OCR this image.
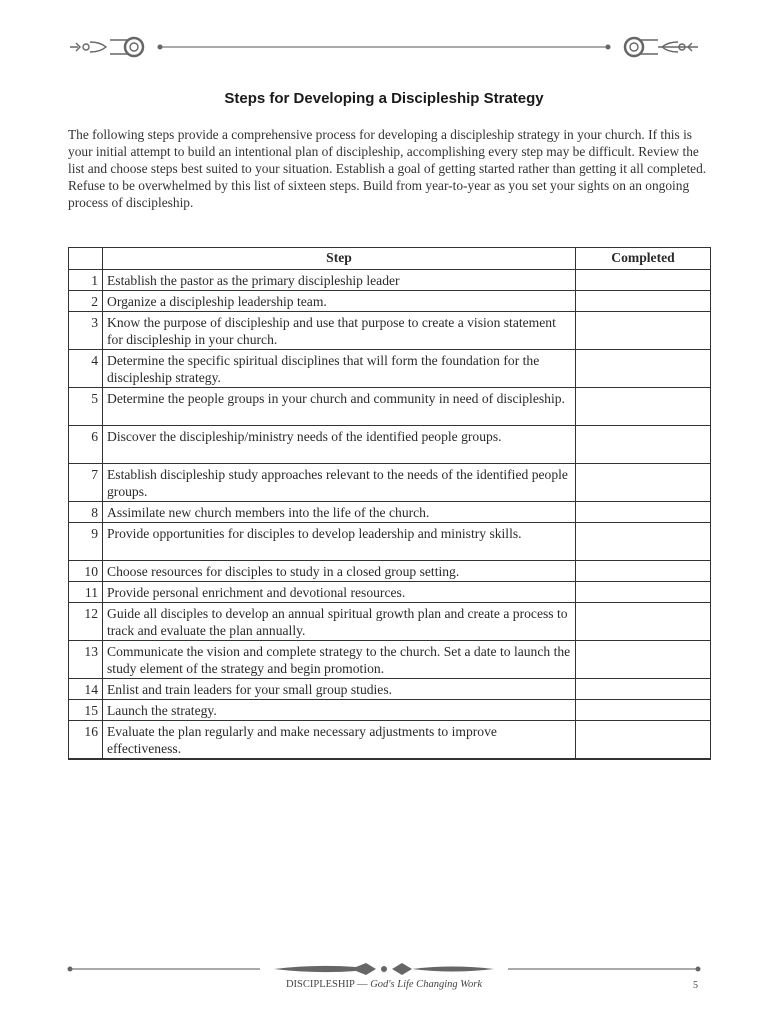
Steps for Developing a Discipleship Strategy

The following steps provide a comprehensive process for developing a discipleship strategy in your church. If this is your initial attempt to build an intentional plan of discipleship, accomplishing every step may be difficult. Review the list and choose steps best suited to your situation. Establish a goal of getting started rather than getting it all completed. Refuse to be overwhelmed by this list of sixteen steps. Build from year-to-year as you set your sights on an ongoing process of discipleship.

	Step	Completed
1	Establish the pastor as the primary discipleship leader	
2	Organize a discipleship leadership team.	
3	Know the purpose of discipleship and use that purpose to create a vision statement for discipleship in your church.	
4	Determine the specific spiritual disciplines that will form the foundation for the discipleship strategy.	
5	Determine the people groups in your church and community in need of discipleship.	
6	Discover the discipleship/ministry needs of the identified people groups.	
7	Establish discipleship study approaches relevant to the needs of the identified people groups.	
8	Assimilate new church members into the life of the church.	
9	Provide opportunities for disciples to develop leadership and ministry skills.	
10	Choose resources for disciples to study in a closed group setting.	
11	Provide personal enrichment and devotional resources.	
12	Guide all disciples to develop an annual spiritual growth plan and create a process to track and evaluate the plan annually.	
13	Communicate the vision and complete strategy to the church. Set a date to launch the study element of the strategy and begin promotion.	
14	Enlist and train leaders for your small group studies.	
15	Launch the strategy.	
16	Evaluate the plan regularly and make necessary adjustments to improve effectiveness.	
DISCIPLESHIP — God's Life Changing Work	5
